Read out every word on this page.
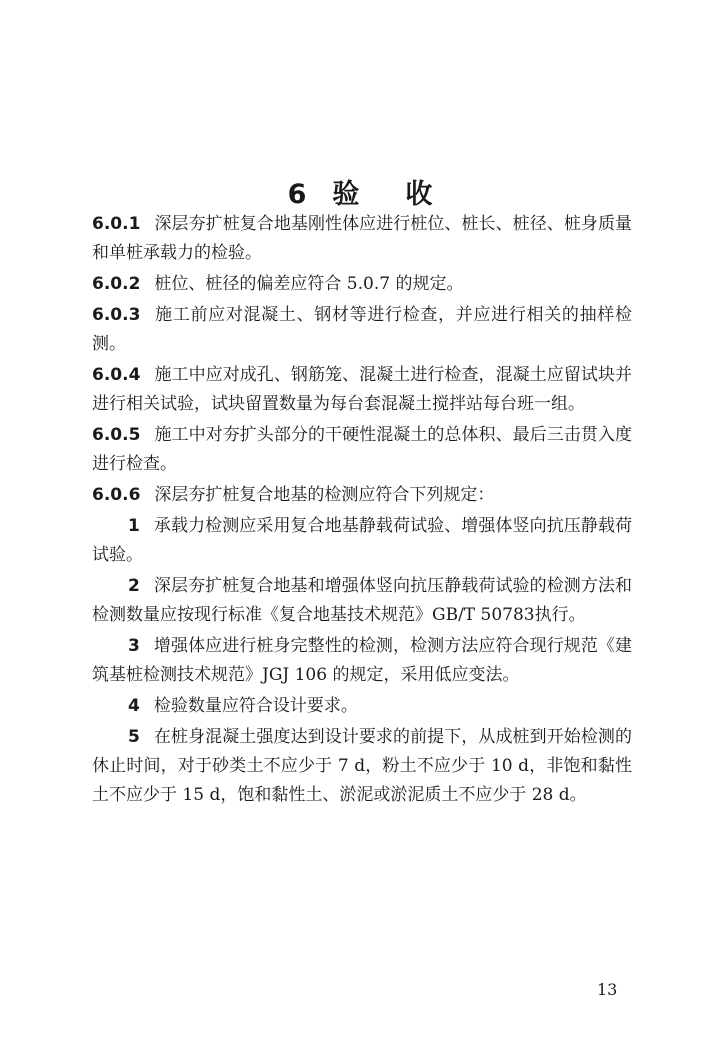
6 验 收

6.0.1 深层夯扩桩复合地基刚性体应进行桩位、桩长、桩径、桩身质量和单桩承载力的检验。

6.0.2 桩位、桩径的偏差应符合 5.0.7 的规定。

6.0.3 施工前应对混凝土、钢材等进行检查，并应进行相关的抽样检测。

6.0.4 施工中应对成孔、钢筋笼、混凝土进行检查，混凝土应留试块并进行相关试验，试块留置数量为每台套混凝土搅拌站每台班一组。

6.0.5 施工中对夯扩头部分的干硬性混凝土的总体积、最后三击贯入度进行检查。

6.0.6 深层夯扩桩复合地基的检测应符合下列规定：

1 承载力检测应采用复合地基静载荷试验、增强体竖向抗压静载荷试验。

2 深层夯扩桩复合地基和增强体竖向抗压静载荷试验的检测方法和检测数量应按现行标准《复合地基技术规范》GB/T 50783执行。

3 增强体应进行桩身完整性的检测，检测方法应符合现行规范《建筑基桩检测技术规范》JGJ 106 的规定，采用低应变法。

4 检验数量应符合设计要求。

5 在桩身混凝土强度达到设计要求的前提下，从成桩到开始检测的休止时间，对于砂类土不应少于 7 d，粉土不应少于 10 d，非饱和黏性土不应少于 15 d，饱和黏性土、淤泥或淤泥质土不应少于 28 d。

13
